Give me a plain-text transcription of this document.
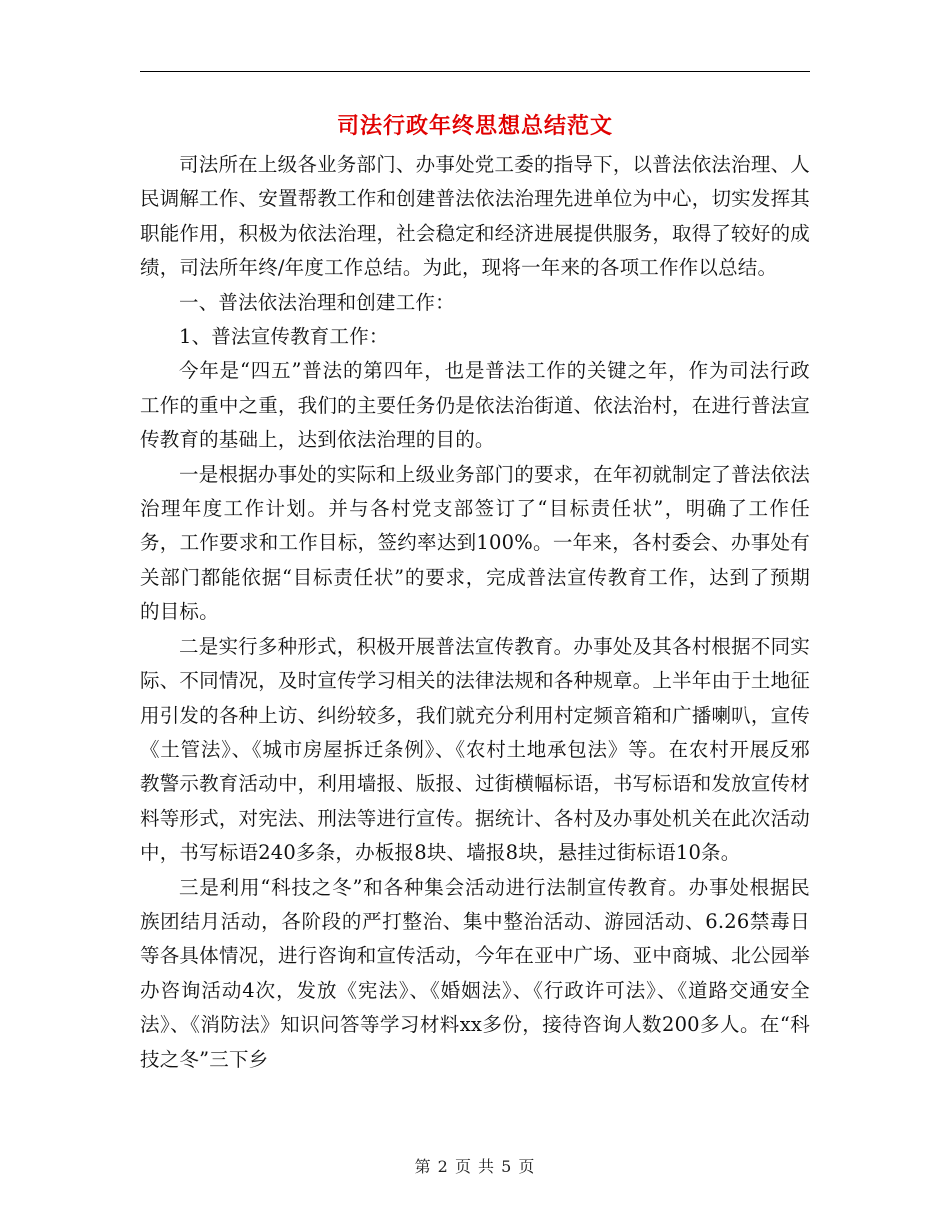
司法行政年终思想总结范文

司法所在上级各业务部门、办事处党工委的指导下，以普法依法治理、人民调解工作、安置帮教工作和创建普法依法治理先进单位为中心，切实发挥其职能作用，积极为依法治理，社会稳定和经济进展提供服务，取得了较好的成绩，司法所年终/年度工作总结。为此，现将一年来的各项工作作以总结。

一、普法依法治理和创建工作：

1、普法宣传教育工作：

今年是“四五”普法的第四年，也是普法工作的关键之年，作为司法行政工作的重中之重，我们的主要任务仍是依法治街道、依法治村，在进行普法宣传教育的基础上，达到依法治理的目的。

一是根据办事处的实际和上级业务部门的要求，在年初就制定了普法依法治理年度工作计划。并与各村党支部签订了“目标责任状”，明确了工作任务，工作要求和工作目标，签约率达到100%。一年来，各村委会、办事处有关部门都能依据“目标责任状”的要求，完成普法宣传教育工作，达到了预期的目标。

二是实行多种形式，积极开展普法宣传教育。办事处及其各村根据不同实际、不同情况，及时宣传学习相关的法律法规和各种规章。上半年由于土地征用引发的各种上访、纠纷较多，我们就充分利用村定频音箱和广播喇叭，宣传《土管法》、《城市房屋拆迁条例》、《农村土地承包法》等。在农村开展反邪教警示教育活动中，利用墙报、版报、过街横幅标语，书写标语和发放宣传材料等形式，对宪法、刑法等进行宣传。据统计、各村及办事处机关在此次活动中，书写标语240多条，办板报8块、墙报8块，悬挂过街标语10条。

三是利用“科技之冬”和各种集会活动进行法制宣传教育。办事处根据民族团结月活动，各阶段的严打整治、集中整治活动、游园活动、6.26禁毒日等各具体情况，进行咨询和宣传活动，今年在亚中广场、亚中商城、北公园举办咨询活动4次，发放《宪法》、《婚姻法》、《行政许可法》、《道路交通安全法》、《消防法》知识问答等学习材料xx多份，接待咨询人数200多人。在“科技之冬”三下乡

第 2 页 共 5 页
